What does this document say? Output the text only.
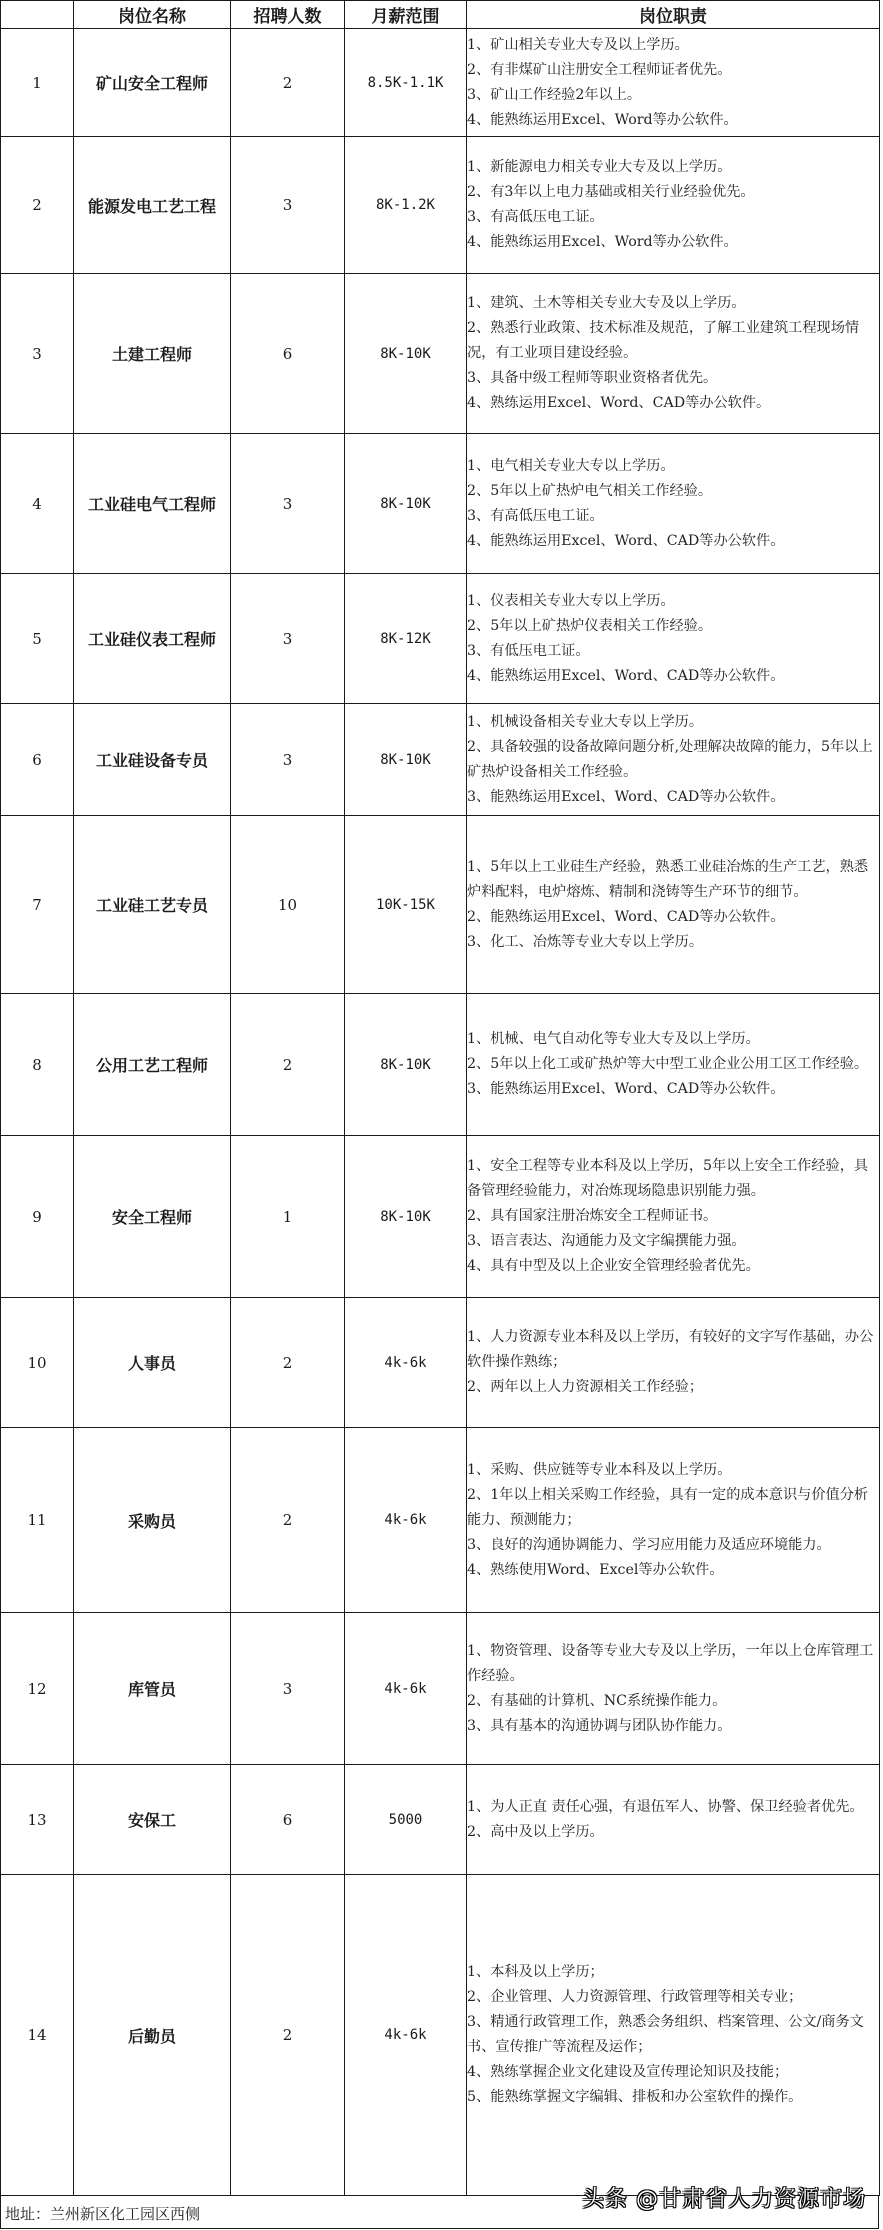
	岗位名称	招聘人数	月薪范围	岗位职责
1	矿山安全工程师	2	8.5K-1.1K	1、矿山相关专业大专及以上学历。
2、有非煤矿山注册安全工程师证者优先。
3、矿山工作经验2年以上。
4、能熟练运用Excel、Word等办公软件。

2	能源发电工艺工程	3	8K-1.2K	1、新能源电力相关专业大专及以上学历。
2、有3年以上电力基础或相关行业经验优先。
3、有高低压电工证。
4、能熟练运用Excel、Word等办公软件。

3	土建工程师	6	8K-10K	1、建筑、土木等相关专业大专及以上学历。
2、熟悉行业政策、技术标准及规范，了解工业建筑工程现场情况，有工业项目建设经验。
3、具备中级工程师等职业资格者优先。
4、熟练运用Excel、Word、CAD等办公软件。

4	工业硅电气工程师	3	8K-10K	1、电气相关专业大专以上学历。
2、5年以上矿热炉电气相关工作经验。
3、有高低压电工证。
4、能熟练运用Excel、Word、CAD等办公软件。

5	工业硅仪表工程师	3	8K-12K	1、仪表相关专业大专以上学历。
2、5年以上矿热炉仪表相关工作经验。
3、有低压电工证。
4、能熟练运用Excel、Word、CAD等办公软件。

6	工业硅设备专员	3	8K-10K	1、机械设备相关专业大专以上学历。
2、具备较强的设备故障问题分析,处理解决故障的能力，5年以上矿热炉设备相关工作经验。
3、能熟练运用Excel、Word、CAD等办公软件。

7	工业硅工艺专员	10	10K-15K	1、5年以上工业硅生产经验，熟悉工业硅冶炼的生产工艺，熟悉炉料配料，电炉熔炼、精制和浇铸等生产环节的细节。
2、能熟练运用Excel、Word、CAD等办公软件。
3、化工、冶炼等专业大专以上学历。

8	公用工艺工程师	2	8K-10K	1、机械、电气自动化等专业大专及以上学历。
2、5年以上化工或矿热炉等大中型工业企业公用工区工作经验。
3、能熟练运用Excel、Word、CAD等办公软件。

9	安全工程师	1	8K-10K	1、安全工程等专业本科及以上学历，5年以上安全工作经验，具备管理经验能力，对冶炼现场隐患识别能力强。
2、具有国家注册冶炼安全工程师证书。
3、语言表达、沟通能力及文字编撰能力强。
4、具有中型及以上企业安全管理经验者优先。

10	人事员	2	4k-6k	1、人力资源专业本科及以上学历，有较好的文字写作基础，办公软件操作熟练；
2、两年以上人力资源相关工作经验；

11	采购员	2	4k-6k	1、采购、供应链等专业本科及以上学历。
2、1年以上相关采购工作经验，具有一定的成本意识与价值分析能力、预测能力；
3、良好的沟通协调能力、学习应用能力及适应环境能力。
4、熟练使用Word、Excel等办公软件。

12	库管员	3	4k-6k	1、物资管理、设备等专业大专及以上学历，一年以上仓库管理工作经验。
2、有基础的计算机、NC系统操作能力。
3、具有基本的沟通协调与团队协作能力。

13	安保工	6	5000	1、为人正直 责任心强，有退伍军人、协警、保卫经验者优先。
2、高中及以上学历。

14	后勤员	2	4k-6k	1、本科及以上学历；
2、企业管理、人力资源管理、行政管理等相关专业；
3、精通行政管理工作，熟悉会务组织、档案管理、公文/商务文书、宣传推广等流程及运作；
4、熟练掌握企业文化建设及宣传理论知识及技能；
5、能熟练掌握文字编辑、排板和办公室软件的操作。
地址：兰州新区化工园区西侧
头条 @甘肃省人力资源市场
